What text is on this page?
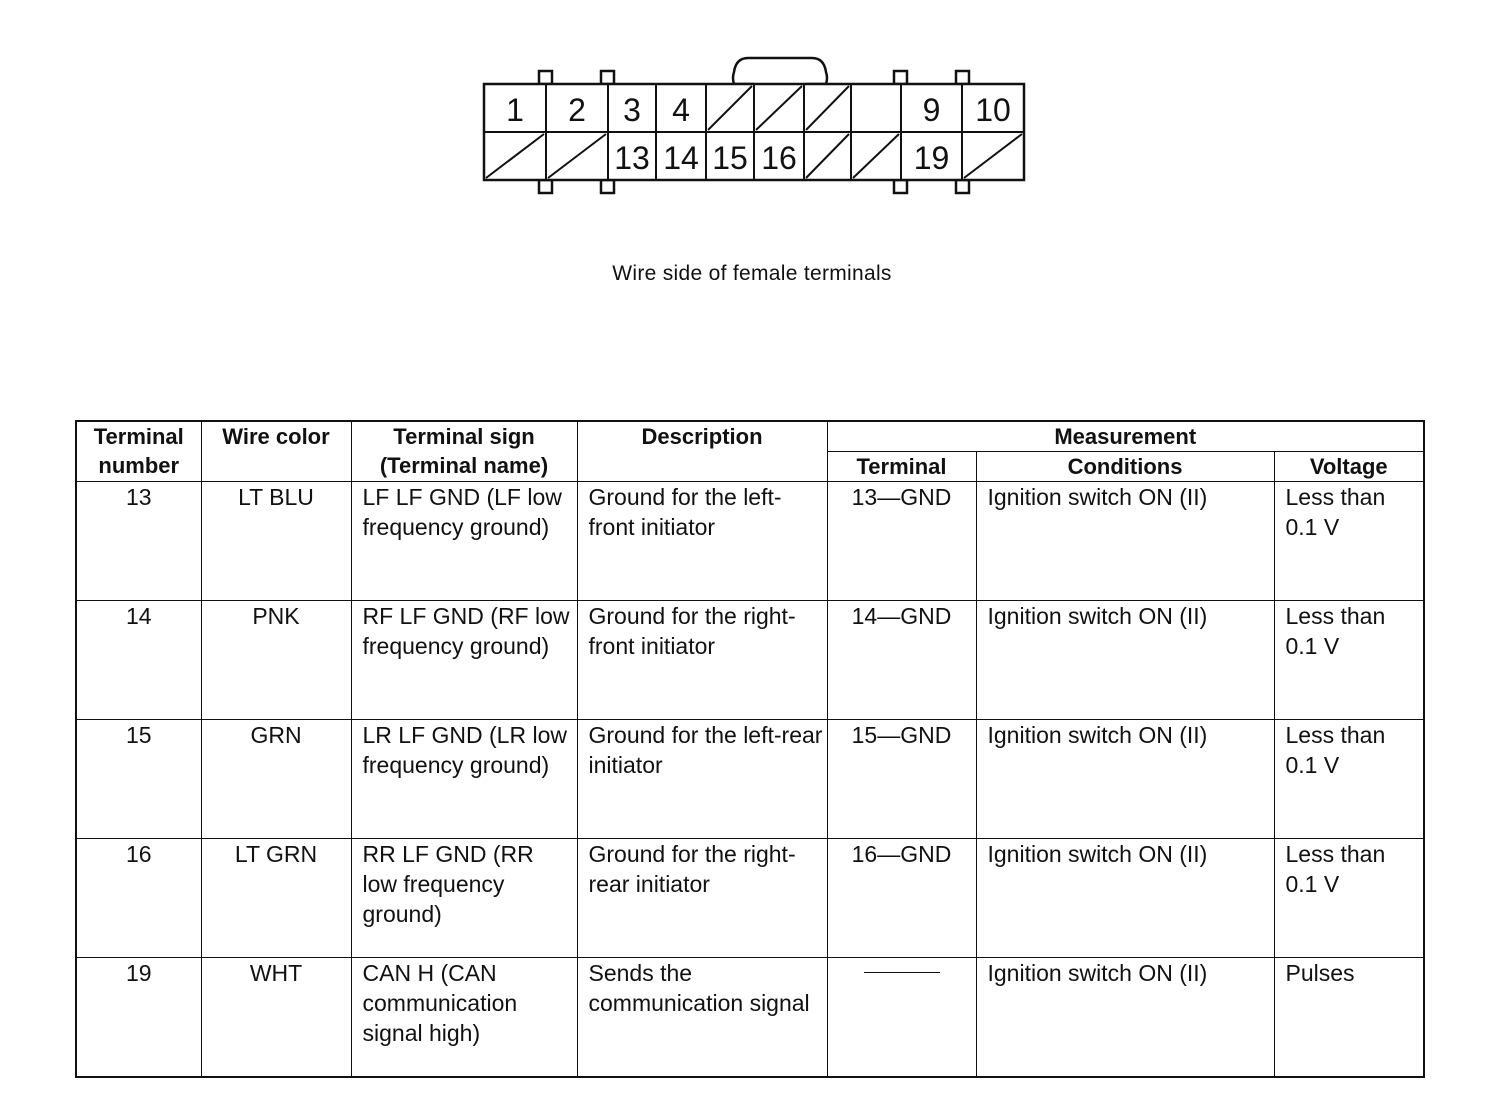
1 2 3 4	9 10
13 14 15 16	19
Wire side of female terminals
Terminal number	Wire color	Terminal sign (Terminal name)	Description	Measurement		
				Terminal	Conditions	Voltage
13	LT BLU	LF LF GND (LF low frequency ground)	Ground for the left-front initiator	13—GND	Ignition switch ON (II)	Less than 0.1 V
14	PNK	RF LF GND (RF low frequency ground)	Ground for the right-front initiator	14—GND	Ignition switch ON (II)	Less than 0.1 V
15	GRN	LR LF GND (LR low frequency ground)	Ground for the left-rear initiator	15—GND	Ignition switch ON (II)	Less than 0.1 V
16	LT GRN	RR LF GND (RR low frequency ground)	Ground for the right-rear initiator	16—GND	Ignition switch ON (II)	Less than 0.1 V
19	WHT	CAN H (CAN communication signal high)	Sends the communication signal		Ignition switch ON (II)	Pulses
